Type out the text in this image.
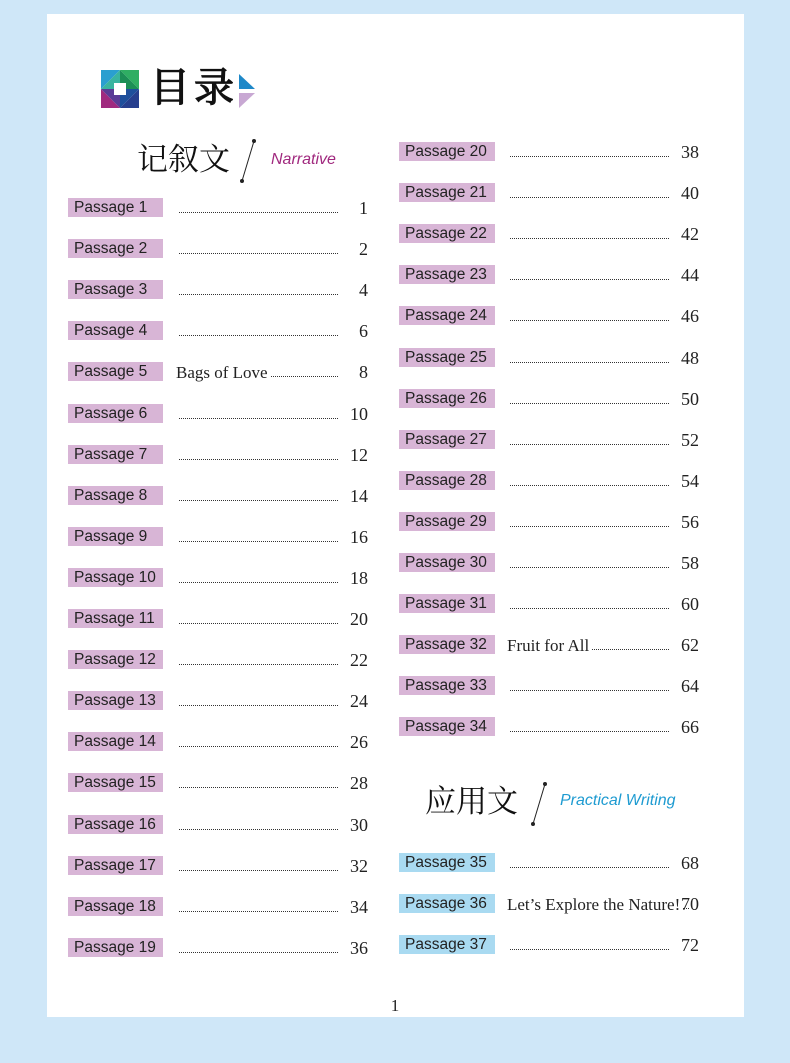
目录
记叙文	Narrative
应用文	Practical Writing
Passage 1	1
Passage 2	2
Passage 3	4
Passage 4	6
Passage 5	Bags of Love	8
Passage 6	10
Passage 7	12
Passage 8	14
Passage 9	16
Passage 10	18
Passage 11	20
Passage 12	22
Passage 13	24
Passage 14	26
Passage 15	28
Passage 16	30
Passage 17	32
Passage 18	34
Passage 19	36
Passage 20	38
Passage 21	40
Passage 22	42
Passage 23	44
Passage 24	46
Passage 25	48
Passage 26	50
Passage 27	52
Passage 28	54
Passage 29	56
Passage 30	58
Passage 31	60
Passage 32	Fruit for All	62
Passage 33	64
Passage 34	66
Passage 35	68
Passage 36	Let’s Explore the Nature! 70
Passage 37	72
1
